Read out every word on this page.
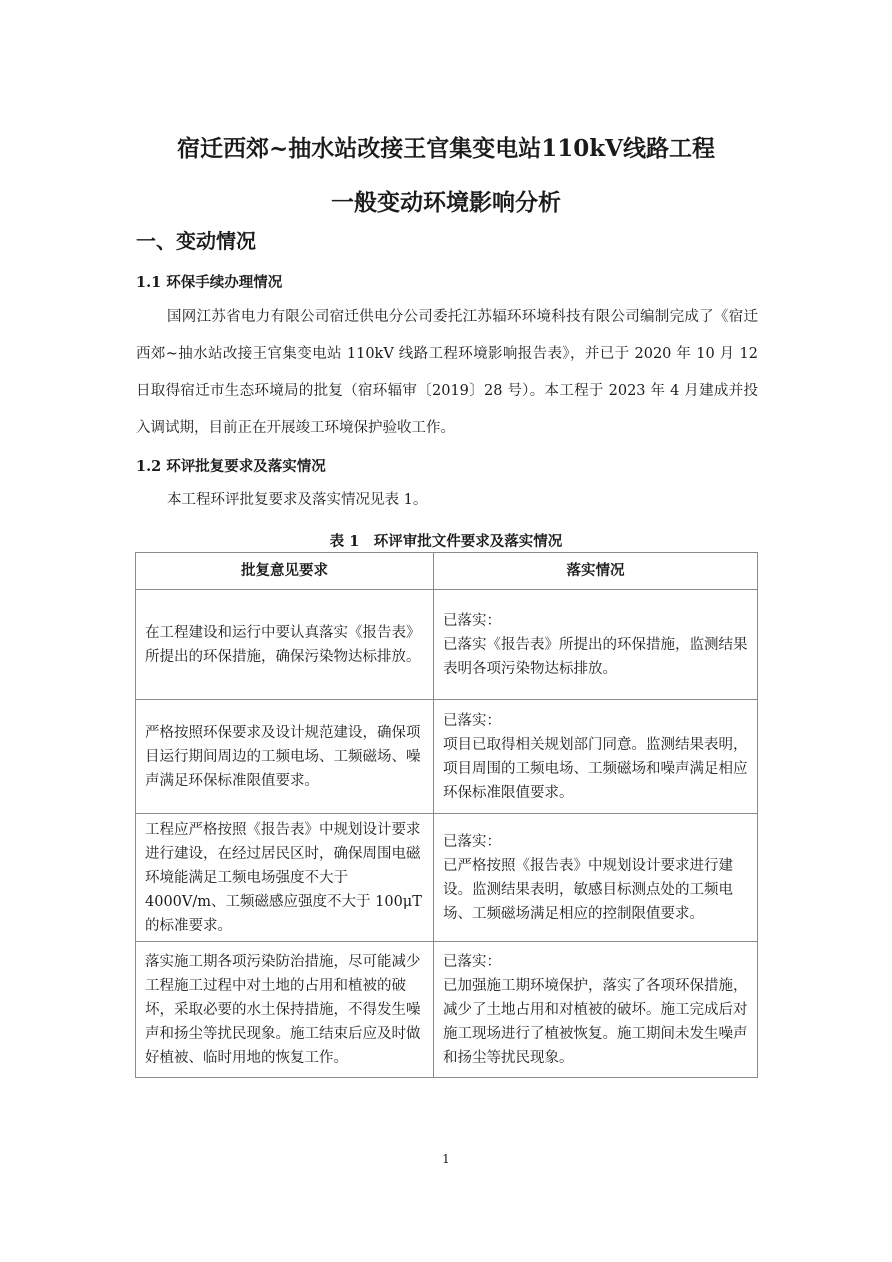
宿迁西郊~抽水站改接王官集变电站110kV线路工程
一般变动环境影响分析
一、变动情况
1.1 环保手续办理情况
国网江苏省电力有限公司宿迁供电分公司委托江苏辐环环境科技有限公司编制完成了《宿迁西郊~抽水站改接王官集变电站 110kV 线路工程环境影响报告表》，并已于 2020 年 10 月 12 日取得宿迁市生态环境局的批复（宿环辐审〔2019〕28 号）。本工程于 2023 年 4 月建成并投入调试期，目前正在开展竣工环境保护验收工作。
1.2 环评批复要求及落实情况
本工程环评批复要求及落实情况见表 1。
表 1　环评审批文件要求及落实情况
批复意见要求	落实情况
在工程建设和运行中要认真落实《报告表》所提出的环保措施，确保污染物达标排放。	已落实：
已落实《报告表》所提出的环保措施，监测结果表明各项污染物达标排放。
严格按照环保要求及设计规范建设，确保项目运行期间周边的工频电场、工频磁场、噪声满足环保标准限值要求。	已落实：
项目已取得相关规划部门同意。监测结果表明，项目周围的工频电场、工频磁场和噪声满足相应环保标准限值要求。
工程应严格按照《报告表》中规划设计要求进行建设，在经过居民区时，确保周围电磁环境能满足工频电场强度不大于4000V/m、工频磁感应强度不大于 100μT 的标准要求。	已落实：
已严格按照《报告表》中规划设计要求进行建设。监测结果表明，敏感目标测点处的工频电场、工频磁场满足相应的控制限值要求。
落实施工期各项污染防治措施，尽可能减少工程施工过程中对土地的占用和植被的破坏，采取必要的水土保持措施，不得发生噪声和扬尘等扰民现象。施工结束后应及时做好植被、临时用地的恢复工作。	已落实：
已加强施工期环境保护，落实了各项环保措施，减少了土地占用和对植被的破坏。施工完成后对施工现场进行了植被恢复。施工期间未发生噪声和扬尘等扰民现象。
1
